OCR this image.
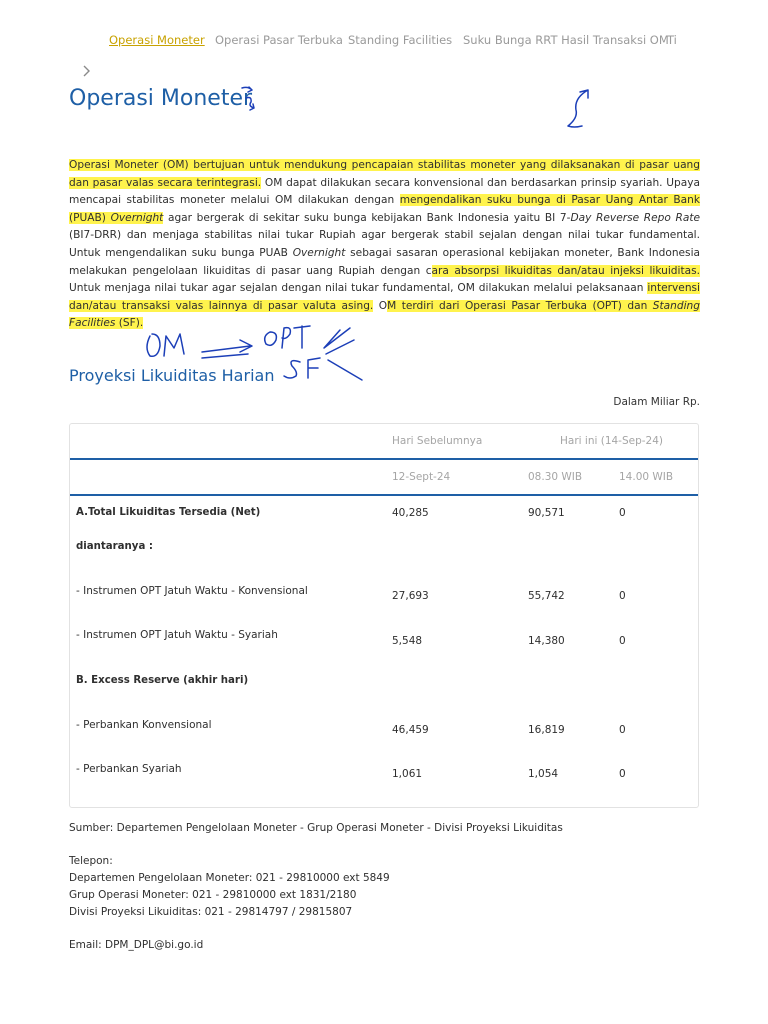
Operasi Moneter Operasi Pasar Terbuka Standing Facilities Suku Bunga RRT Hasil Transaksi OM
Ti
Operasi Moneter

Operasi Moneter (OM) bertujuan untuk mendukung pencapaian stabilitas moneter yang dilaksanakan di pasar uang dan pasar valas secara terintegrasi. OM dapat dilakukan secara konvensional dan berdasarkan prinsip syariah. Upaya mencapai stabilitas moneter melalui OM dilakukan dengan mengendalikan suku bunga di Pasar Uang Antar Bank (PUAB) Overnight agar bergerak di sekitar suku bunga kebijakan Bank Indonesia yaitu BI 7-Day Reverse Repo Rate (BI7-DRR) dan menjaga stabilitas nilai tukar Rupiah agar bergerak stabil sejalan dengan nilai tukar fundamental. Untuk mengendalikan suku bunga PUAB Overnight sebagai sasaran operasional kebijakan moneter, Bank Indonesia melakukan pengelolaan likuiditas di pasar uang Rupiah dengan cara absorpsi likuiditas dan/atau injeksi likuiditas. Untuk menjaga nilai tukar agar sejalan dengan nilai tukar fundamental, OM dilakukan melalui pelaksanaan intervensi dan/atau transaksi valas lainnya di pasar valuta asing. OM terdiri dari Operasi Pasar Terbuka (OPT) dan Standing Facilities (SF).

Proyeksi Likuiditas Harian
Dalam Miliar Rp.
Hari Sebelumnya	Hari ini (14-Sep-24)
12-Sept-24	08.30 WIB	14.00 WIB
A.Total Likuiditas Tersedia (Net)	40,285	90,571	0
diantaranya :
- Instrumen OPT Jatuh Waktu - Konvensional	27,693	55,742	0
- Instrumen OPT Jatuh Waktu - Syariah	5,548	14,380	0
B. Excess Reserve (akhir hari)
- Perbankan Konvensional	46,459	16,819	0
- Perbankan Syariah	1,061	1,054	0
Sumber: Departemen Pengelolaan Moneter - Grup Operasi Moneter - Divisi Proyeksi Likuiditas
Telepon:
Departemen Pengelolaan Moneter: 021 - 29810000 ext 5849
Grup Operasi Moneter: 021 - 29810000 ext 1831/2180
Divisi Proyeksi Likuiditas: 021 - 29814797 / 29815807
Email: DPM_DPL@bi.go.id
